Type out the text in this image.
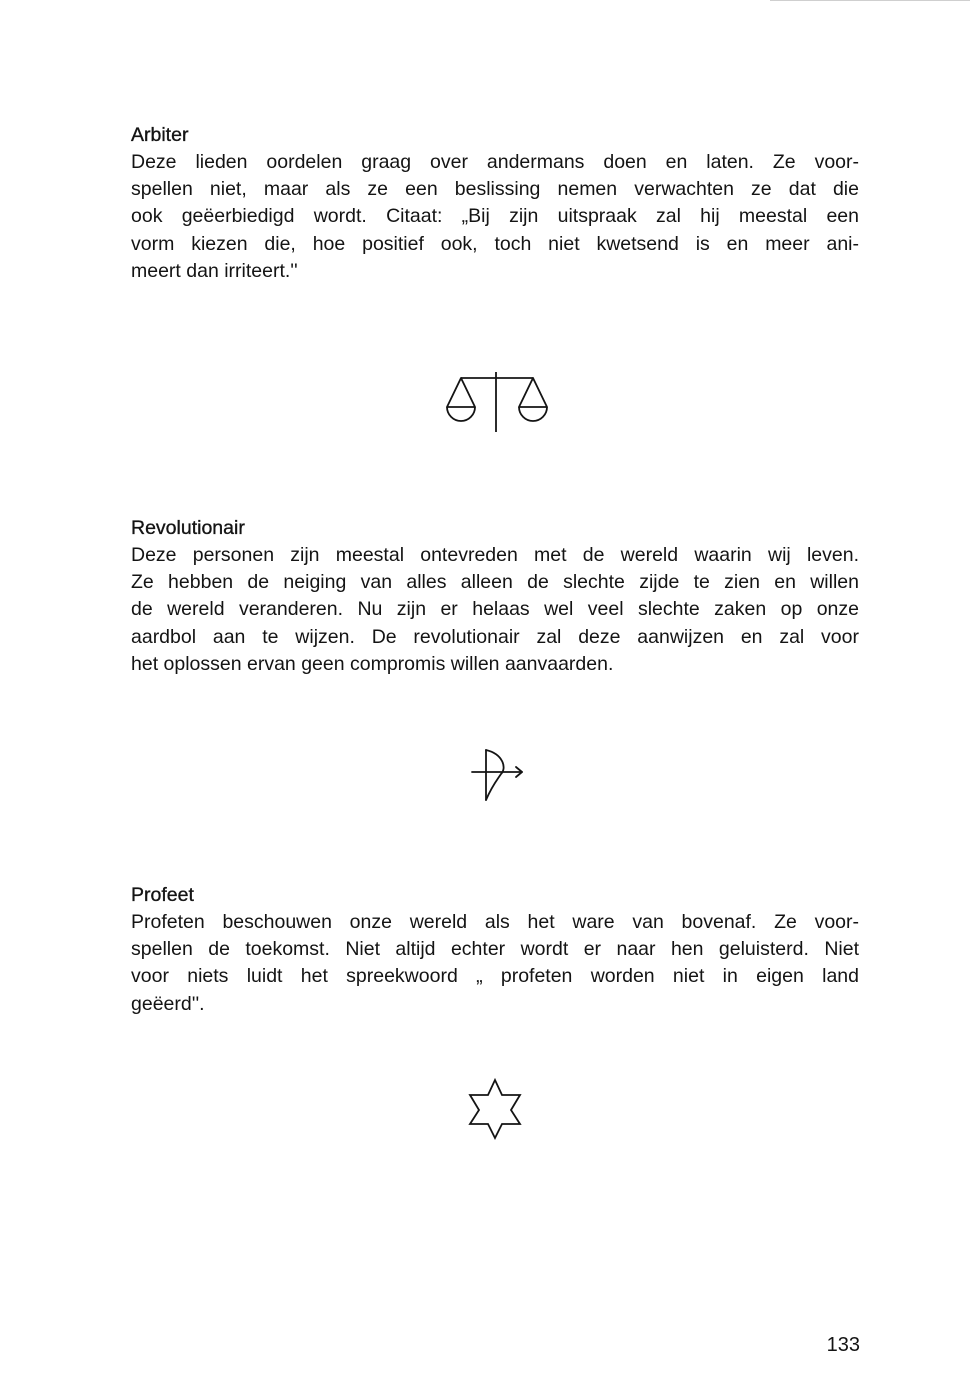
Arbiter

Deze lieden oordelen graag over andermans doen en laten. Ze voor-
spellen niet, maar als ze een beslissing nemen verwachten ze dat die
ook geëerbiedigd wordt. Citaat: „Bij zijn uitspraak zal hij meestal een
vorm kiezen die, hoe positief ook, toch niet kwetsend is en meer ani-
meert dan irriteert.''

Revolutionair

Deze personen zijn meestal ontevreden met de wereld waarin wij leven.
Ze hebben de neiging van alles alleen de slechte zijde te zien en willen
de wereld veranderen. Nu zijn er helaas wel veel slechte zaken op onze
aardbol aan te wijzen. De revolutionair zal deze aanwijzen en zal voor
het oplossen ervan geen compromis willen aanvaarden.

Profeet

Profeten beschouwen onze wereld als het ware van bovenaf. Ze voor-
spellen de toekomst. Niet altijd echter wordt er naar hen geluisterd. Niet
voor niets luidt het spreekwoord „ profeten worden niet in eigen land
geëerd''.

133
